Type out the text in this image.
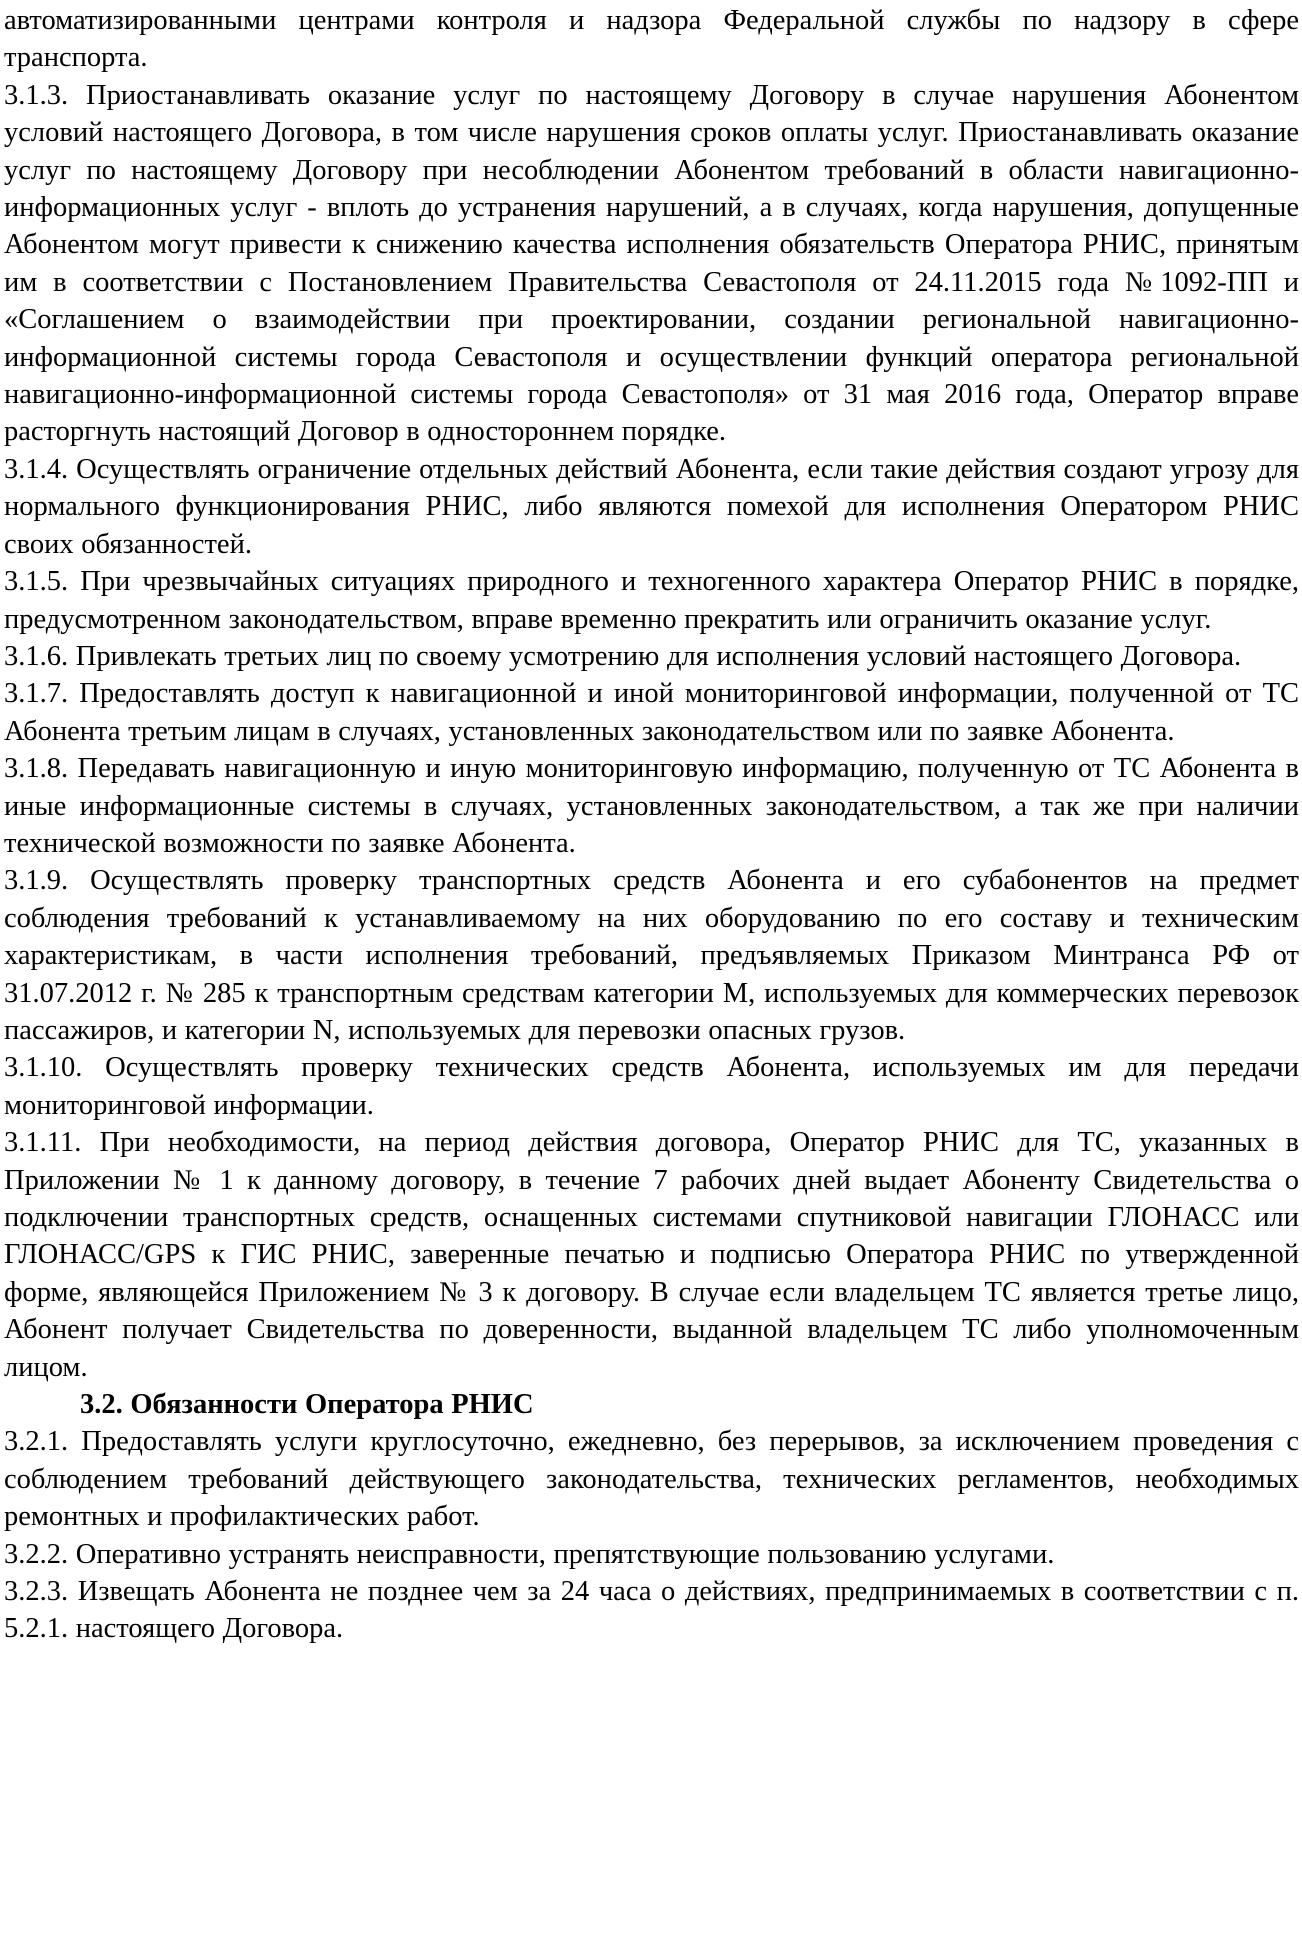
автоматизированными центрами контроля и надзора Федеральной службы по надзору в сфере транспорта.

3.1.3. Приостанавливать оказание услуг по настоящему Договору в случае нарушения Абонентом условий настоящего Договора, в том числе нарушения сроков оплаты услуг. Приостанавливать оказание услуг по настоящему Договору при несоблюдении Абонентом требований в области навигационно-информационных услуг - вплоть до устранения нарушений, а в случаях, когда нарушения, допущенные Абонентом могут привести к снижению качества исполнения обязательств Оператора РНИС, принятым им в соответствии с Постановлением Правительства Севастополя от 24.11.2015 года №1092-ПП и «Соглашением о взаимодействии при проектировании, создании региональной навигационно-информационной системы города Севастополя и осуществлении функций оператора региональной навигационно-информационной системы города Севастополя» от 31 мая 2016 года, Оператор вправе расторгнуть настоящий Договор в одностороннем порядке.

3.1.4. Осуществлять ограничение отдельных действий Абонента, если такие действия создают угрозу для нормального функционирования РНИС, либо являются помехой для исполнения Оператором РНИС своих обязанностей.

3.1.5. При чрезвычайных ситуациях природного и техногенного характера Оператор РНИС в порядке, предусмотренном законодательством, вправе временно прекратить или ограничить оказание услуг.

3.1.6. Привлекать третьих лиц по своему усмотрению для исполнения условий настоящего Договора.

3.1.7. Предоставлять доступ к навигационной и иной мониторинговой информации, полученной от ТС Абонента третьим лицам в случаях, установленных законодательством или по заявке Абонента.

3.1.8. Передавать навигационную и иную мониторинговую информацию, полученную от ТС Абонента в иные информационные системы в случаях, установленных законодательством, а так же при наличии технической возможности по заявке Абонента.

3.1.9. Осуществлять проверку транспортных средств Абонента и его субабонентов на предмет соблюдения требований к устанавливаемому на них оборудованию по его составу и техническим характеристикам, в части исполнения требований, предъявляемых Приказом Минтранса РФ от 31.07.2012 г. № 285 к транспортным средствам категории M, используемых для коммерческих перевозок пассажиров, и категории N, используемых для перевозки опасных грузов.

3.1.10. Осуществлять проверку технических средств Абонента, используемых им для передачи мониторинговой информации.

3.1.11. При необходимости, на период действия договора, Оператор РНИС для ТС, указанных в Приложении № 1 к данному договору, в течение 7 рабочих дней выдает Абоненту Свидетельства о подключении транспортных средств, оснащенных системами спутниковой навигации ГЛОНАСС или ГЛОНАСС/GPS к ГИС РНИС, заверенные печатью и подписью Оператора РНИС по утвержденной форме, являющейся Приложением № 3 к договору. В случае если владельцем ТС является третье лицо, Абонент получает Свидетельства по доверенности, выданной владельцем ТС либо уполномоченным лицом.

3.2. Обязанности Оператора РНИС

3.2.1. Предоставлять услуги круглосуточно, ежедневно, без перерывов, за исключением проведения с соблюдением требований действующего законодательства, технических регламентов, необходимых ремонтных и профилактических работ.

3.2.2. Оперативно устранять неисправности, препятствующие пользованию услугами.

3.2.3. Извещать Абонента не позднее чем за 24 часа о действиях, предпринимаемых в соответствии с п. 5.2.1. настоящего Договора.
